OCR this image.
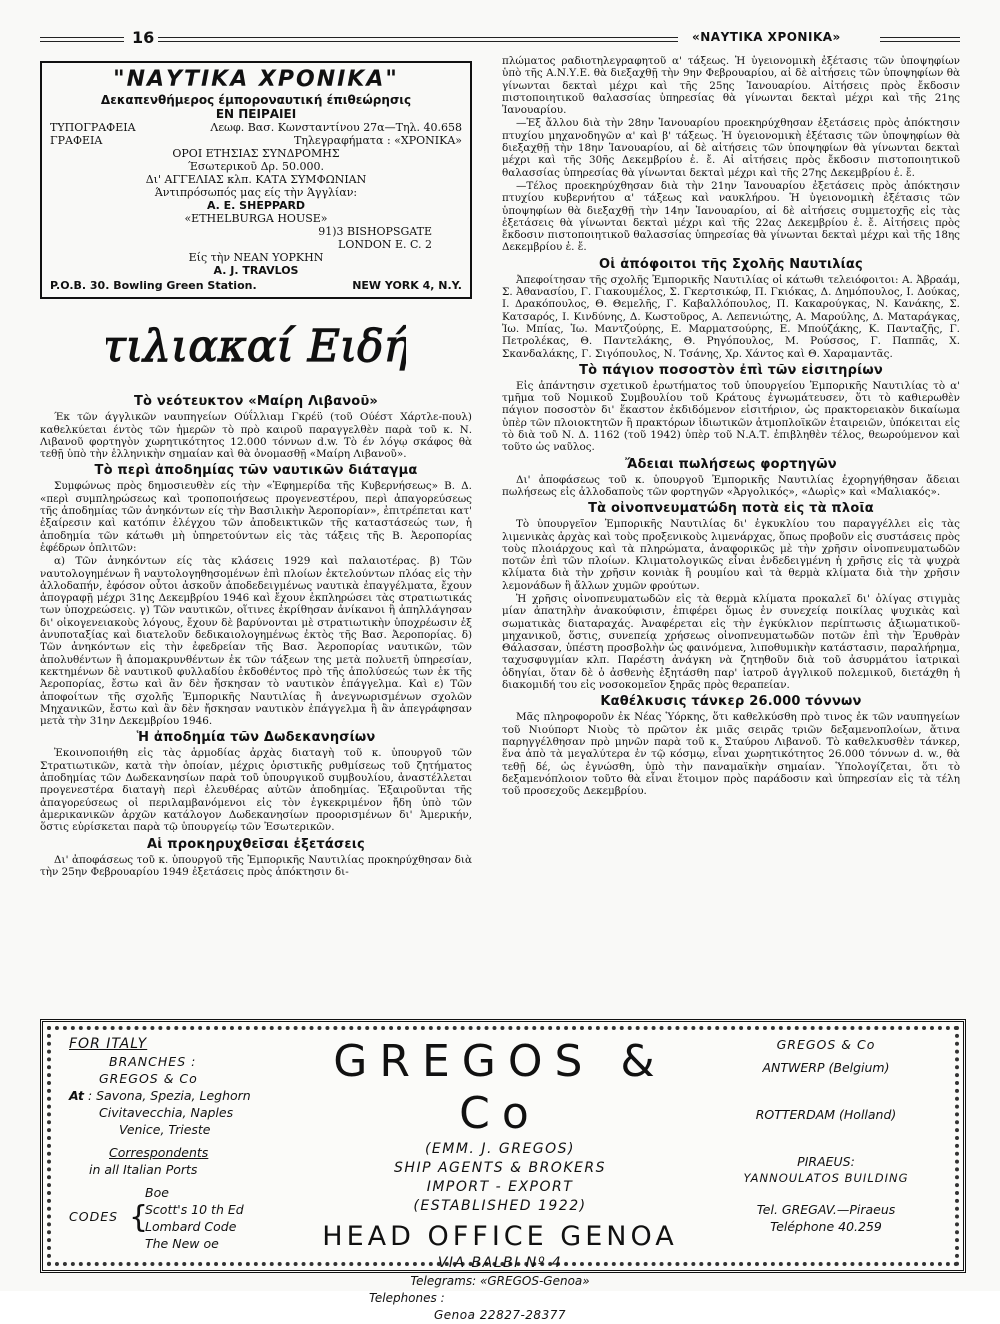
16	«ΝΑΥΤΙΚΑ ΧΡΟΝΙΚΑ»
"ΝΑΥΤΙΚΑ ΧΡΟΝΙΚΑ"
Δεκαπενθήμερος έμποροναυτική έπιθεώρησις
ΕΝ ΠΕΙΡΑΙΕΙ
ΤΥΠΟΓΡΑΦΕΙΑ	Λεωφ. Βασ. Κωνσταντίνου 27α—Τηλ. 40.658
ΓΡΑΦΕΙΑ	Τηλεγραφήματα : «ΧΡΟΝΙΚΑ»
ΟΡΟΙ ΕΤΗΣΙΑΣ ΣΥΝΔΡΟΜΗΣ
Έσωτερικοῦ Δρ. 50.000.
Δι' ΑΓΓΕΛΙΑΣ κλπ. ΚΑΤΑ ΣΥΜΦΩΝΙΑΝ
Άντιπρόσωπός μας είς τὴν Άγγλίαν:
A. E. SHEPPARD
«ETHELBURGA HOUSE»
91)3 BISHOPSGATE
LONDON E. C. 2
Είς τὴν ΝΕΑΝ ΥΟΡΚΗΝ
A. J. TRAVLOS
P.O.B. 30. Bowling Green Station.	NEW YORK 4, N.Y.
ιλιακαί Ειδή
ιλιακαί Ειδή
Τὸ νεότευκτον «Μαίρη Λιβανοῦ»

Έκ τῶν άγγλικῶν ναυπηγείων Ούΐλλιαμ Γκρέϋ (τοῦ Ούέστ Χάρτλε-πουλ) καθελκύεται έντὸς τῶν ἡμερῶν τὸ πρὸ καιροῦ παραγγελθὲν παρὰ τοῦ κ. Ν. Λιβανοῦ φορτηγὸν χωρητικότητος 12.000 τόννων d.w. Τὸ έν λόγῳ σκάφος θὰ τεθῇ ὑπὸ τὴν ἑλληνικὴν σημαίαν καὶ θὰ ὀνομασθῇ «Μαίρη Λιβανοῦ».

Τὸ περὶ ἀποδημίας τῶν ναυτικῶν διάταγμα

Συμφώνως πρὸς δημοσιευθὲν είς τὴν «Ἐφημερίδα τῆς Κυβερνήσεως» Β. Δ. «περὶ συμπληρώσεως καὶ τροποποιήσεως προγενεστέρου, περὶ ἀπαγορεύσεως τῆς ἀποδημίας τῶν ἀνηκόντων είς τὴν Βασιλικὴν Ἀεροπορίαν», ἐπιτρέπεται κατ' ἐξαίρεσιν καὶ κατόπιν ἐλέγχου τῶν ἀποδεικτικῶν τῆς καταστάσεώς των, ἡ ἀποδημία τῶν κάτωθι μὴ ὑπηρετούντων εἰς τὰς τάξεις τῆς Β. Ἀεροπορίας ἐφέδρων ὁπλιτῶν:

α) Τῶν ἀνηκόντων είς τὰς κλάσεις 1929 καὶ παλαιοτέρας. β) Τῶν ναυτολογημένων ἢ ναυτολογηθησομένων ἐπὶ πλοίων ἐκτελούντων πλόας εἰς τὴν ἀλλοδαπήν, ἐφόσον οὗτοι ἀσκοῦν ἀποδεδειγμένως ναυτικὰ ἐπαγγέλματα, ἔχουν ἀπογραφῇ μέχρι 31ης Δεκεμβρίου 1946 καὶ ἔχουν ἐκπληρώσει τὰς στρατιωτικάς των ὑποχρεώσεις. γ) Τῶν ναυτικῶν, οἵτινες ἐκρίθησαν ἀνίκανοι ἢ ἀπηλλάγησαν δι' οἰκογενειακοὺς λόγους, ἔχουν δὲ βαρύνονται μὲ στρατιωτικὴν ὑποχρέωσιν ἐξ ἀνυποταξίας καὶ διατελοῦν δεδικαιολογημένως ἐκτὸς τῆς Βασ. Ἀεροπορίας. δ) Τῶν ἀνηκόντων εἰς τὴν ἐφεδρείαν τῆς Βασ. Ἀεροπορίας ναυτικῶν, τῶν ἀπολυθέντων ἢ ἀπομακρυνθέντων ἐκ τῶν τάξεων της μετὰ πολυετῆ ὑπηρεσίαν, κεκτημένων δὲ ναυτικοῦ φυλλαδίου ἐκδοθέντος πρὸ τῆς ἀπολύσεώς των ἐκ τῆς Ἀεροπορίας, ἔστω καὶ ἂν δὲν ἤσκησαν τὸ ναυτικὸν ἐπάγγελμα. Καὶ ε) Τῶν ἀποφοίτων τῆς σχολῆς Ἐμπορικῆς Ναυτιλίας ἢ ἀνεγνωρισμένων σχολῶν Μηχανικῶν, ἔστω καὶ ἂν δὲν ἤσκησαν ναυτικὸν ἐπάγγελμα ἢ ἂν ἀπεγράφησαν μετὰ τὴν 31ην Δεκεμβρίου 1946.

Ἡ ἀποδημία τῶν Δωδεκανησίων

Ἐκοινοποιήθη εἰς τὰς ἁρμοδίας ἀρχὰς διαταγὴ τοῦ κ. ὑπουργοῦ τῶν Στρατιωτικῶν, κατὰ τὴν ὁποίαν, μέχρις ὁριστικῆς ρυθμίσεως τοῦ ζητήματος ἀποδημίας τῶν Δωδεκανησίων παρὰ τοῦ ὑπουργικοῦ συμβουλίου, ἀναστέλλεται προγενεστέρα διαταγὴ περὶ ἐλευθέρας αὐτῶν ἀποδημίας. Ἐξαιροῦνται τῆς ἀπαγορεύσεως οἱ περιλαμβανόμενοι εἰς τὸν ἐγκεκριμένον ἤδη ὑπὸ τῶν ἀμερικανικῶν ἀρχῶν κατάλογον Δωδεκανησίων προορισμένων δι' Ἀμερικήν, ὅστις εὑρίσκεται παρὰ τῷ ὑπουργείῳ τῶν Ἐσωτερικῶν.

Αἱ προκηρυχθεῖσαι ἐξετάσεις

Δι' ἀποφάσεως τοῦ κ. ὑπουργοῦ τῆς Ἐμπορικῆς Ναυτιλίας προκηρύχθησαν διὰ τὴν 25ην Φεβρουαρίου 1949 ἐξετάσεις πρὸς ἀπόκτησιν δι-

πλώματος ραδιοτηλεγραφητοῦ α' τάξεως. Ἡ ὑγειονομικὴ ἐξέτασις τῶν ὑποψηφίων ὑπὸ τῆς Α.Ν.Υ.Ε. θὰ διεξαχθῇ τὴν 9ην Φεβρουαρίου, αἱ δὲ αἰτήσεις τῶν ὑποψηφίων θὰ γίνωνται δεκταὶ μέχρι καὶ τῆς 25ης Ἰανουαρίου. Αἰτήσεις πρὸς ἔκδοσιν πιστοποιητικοῦ θαλασσίας ὑπηρεσίας θὰ γίνωνται δεκταὶ μέχρι καὶ τῆς 21ης Ἰανουαρίου.

—Ἐξ ἄλλου διὰ τὴν 28ην Ἰανουαρίου προεκηρύχθησαν ἐξετάσεις πρὸς ἀπόκτησιν πτυχίου μηχανοδηγῶν α' καὶ β' τάξεως. Ἡ ὑγειονομικὴ ἐξέτασις τῶν ὑποψηφίων θὰ διεξαχθῇ τὴν 18ην Ἰανουαρίου, αἱ δὲ αἰτήσεις τῶν ὑποψηφίων θὰ γίνωνται δεκταὶ μέχρι καὶ τῆς 30ῆς Δεκεμβρίου ἐ. ἔ. Αἱ αἰτήσεις πρὸς ἔκδοσιν πιστοποιητικοῦ θαλασσίας ὑπηρεσίας θὰ γίνωνται δεκταὶ μέχρι καὶ τῆς 27ης Δεκεμβρίου ἐ. ἔ.

—Τέλος προεκηρύχθησαν διὰ τὴν 21ην Ἰανουαρίου ἐξετάσεις πρὸς ἀπόκτησιν πτυχίου κυβερνήτου α' τάξεως καὶ ναυκλήρου. Ἡ ὑγειονομικὴ ἐξέτασις τῶν ὑποψηφίων θὰ διεξαχθῇ τὴν 14ην Ἰανουαρίου, αἱ δὲ αἰτήσεις συμμετοχῆς εἰς τὰς ἐξετάσεις θὰ γίνωνται δεκταὶ μέχρι καὶ τῆς 22ας Δεκεμβρίου ἐ. ἔ. Αἰτήσεις πρὸς ἔκδοσιν πιστοποιητικοῦ θαλασσίας ὑπηρεσίας θὰ γίνωνται δεκταὶ μέχρι καὶ τῆς 18ης Δεκεμβρίου ἐ. ἔ.

Οἱ ἀπόφοιτοι τῆς Σχολῆς Ναυτιλίας

Ἀπεφοίτησαν τῆς σχολῆς Ἐμπορικῆς Ναυτιλίας οἱ κάτωθι τελειόφοιτοι: Α. Ἀβραάμ, Σ. Ἀθανασίου, Γ. Γιακουμέλος, Σ. Γκερτσικώφ, Π. Γκιόκας, Δ. Δημόπουλος, Ι. Δούκας, Ι. Δρακόπουλος, Θ. Θεμελῆς, Γ. Καβαλλόπουλος, Π. Κακαρούγκας, Ν. Κανάκης, Σ. Κατσαρός, Ι. Κινδύνης, Δ. Κωστοῦρος, Α. Λεπενιώτης, Α. Μαρούλης, Δ. Ματαράγκας, Ἰω. Μπίας, Ἰω. Μαντζούρης, Ε. Μαρματσούρης, Ε. Μπούζάκης, Κ. Πανταζῆς, Γ. Πετρολέκας, Θ. Παντελάκης, Θ. Ρηγόπουλος, Μ. Ρούσσος, Γ. Παππᾶς, Χ. Σκανδαλάκης, Γ. Σιγόπουλος, Ν. Τσάνης, Χρ. Χάντος καὶ Θ. Χαραμαντᾶς.

Τὸ πάγιον ποσοστὸν ἐπὶ τῶν εἰσιτηρίων

Εἰς ἀπάντησιν σχετικοῦ ἐρωτήματος τοῦ ὑπουργείου Ἐμπορικῆς Ναυτιλίας τὸ α' τμῆμα τοῦ Νομικοῦ Συμβουλίου τοῦ Κράτους ἐγνωμάτευσεν, ὅτι τὸ καθιερωθὲν πάγιον ποσοστὸν δι' ἕκαστον ἐκδιδόμενον εἰσιτήριον, ὡς πρακτορειακὸν δικαίωμα ὑπὲρ τῶν πλοιοκτητῶν ἢ πρακτόρων ἰδιωτικῶν ἀτμοπλοϊκῶν ἑταιρειῶν, ὑπόκειται εἰς τὸ διὰ τοῦ Ν. Δ. 1162 (τοῦ 1942) ὑπὲρ τοῦ Ν.Α.Τ. ἐπιβληθὲν τέλος, θεωρούμενον καὶ τοῦτο ὡς ναῦλος.

Ἄδειαι πωλήσεως φορτηγῶν

Δι' ἀποφάσεως τοῦ κ. ὑπουργοῦ Ἐμπορικῆς Ναυτιλίας ἐχορηγήθησαν ἄδειαι πωλήσεως εἰς ἀλλοδαποὺς τῶν φορτηγῶν «Ἀργολικός», «Δωρὶς» καὶ «Μαλιακός».

Τὰ οἰνοπνευματώδη ποτὰ εἰς τὰ πλοῖα

Τὸ ὑπουργεῖον Ἐμπορικῆς Ναυτιλίας δι' ἐγκυκλίου του παραγγέλλει εἰς τὰς λιμενικὰς ἀρχὰς καὶ τοὺς προξενικοὺς λιμενάρχας, ὅπως προβοῦν εἰς συστάσεις πρὸς τοὺς πλοιάρχους καὶ τὰ πληρώματα, ἀναφορικῶς μὲ τὴν χρῆσιν οἰνοπνευματωδῶν ποτῶν ἐπὶ τῶν πλοίων. Κλιματολογικῶς εἶναι ἐνδεδειγμένη ἡ χρῆσις εἰς τὰ ψυχρὰ κλίματα διὰ τὴν χρῆσιν κονιὰκ ἢ ρουμίου καὶ τὰ θερμὰ κλίματα διὰ τὴν χρῆσιν λεμονάδων ἢ ἄλλων χυμῶν φρούτων.

Ἡ χρῆσις οἰνοπνευματωδῶν εἰς τὰ θερμὰ κλίματα προκαλεῖ δι' ὀλίγας στιγμὰς μίαν ἀπατηλὴν ἀνακούφισιν, ἐπιφέρει ὅμως ἐν συνεχείᾳ ποικίλας ψυχικὰς καὶ σωματικὰς διαταραχάς. Ἀναφέρεται εἰς τὴν ἐγκύκλιον περίπτωσις ἀξιωματικοῦ-μηχανικοῦ, ὅστις, συνεπείᾳ χρήσεως οἰνοπνευματωδῶν ποτῶν ἐπὶ τὴν Ἐρυθρὰν Θάλασσαν, ὑπέστη προσβολὴν ὡς φαινόμενα, λιποθυμικὴν κατάστασιν, παραλήρημα, ταχυσφυγμίαν κλπ. Παρέστη ἀνάγκη νὰ ζητηθοῦν διὰ τοῦ ἀσυρμάτου ἰατρικαὶ ὁδηγίαι, ὅταν δὲ ὁ ἀσθενὴς ἐξητάσθη παρ' ἰατροῦ ἀγγλικοῦ πολεμικοῦ, διετάχθη ἡ διακομιδή του εἰς νοσοκομεῖον ξηρᾶς πρὸς θεραπείαν.

Καθέλκυσις τάνκερ 26.000 τόννων

Μᾶς πληροφοροῦν ἐκ Νέας Ὑόρκης, ὅτι καθελκύσθη πρὸ τινος ἐκ τῶν ναυπηγείων τοῦ Νιούπορτ Νιοὺς τὸ πρῶτον ἐκ μιᾶς σειρᾶς τριῶν δεξαμενοπλοίων, ἅτινα παρηγγέλθησαν πρὸ μηνῶν παρὰ τοῦ κ. Σταύρου Λιβανοῦ. Τὸ καθελκυσθὲν τάνκερ, ἕνα ἀπὸ τὰ μεγαλύτερα ἐν τῷ κόσμῳ, εἶναι χωρητικότητος 26.000 τόννων d. w., θὰ τεθῇ δέ, ὡς ἐγνώσθη, ὑπὸ τὴν παναμαϊκὴν σημαίαν. Ὑπολογίζεται, ὅτι τὸ δεξαμενόπλοιον τοῦτο θὰ εἶναι ἕτοιμον πρὸς παράδοσιν καὶ ὑπηρεσίαν εἰς τὰ τέλη τοῦ προσεχοῦς Δεκεμβρίου.

FOR ITALY
BRANCHES :
GREGOS & Co
At : Savona, Spezia, Leghorn
Civitavecchia, Naples
Venice, Trieste
Correspondents
in all Italian Ports
CODES {
Boe
Scott's 10 th Ed
Lombard Code
The New oe
GREGOS & Co
(EMM. J. GREGOS)
SHIP AGENTS & BROKERS
IMPORT - EXPORT
(ESTABLISHED 1922)
HEAD OFFICE GENOA
VIA BALBI Nº 4
Telegrams: «GREGOS-Genoa»
Telephones :
Genoa 22827-28377
GREGOS & Co
ANTWERP (Belgium)
ROTTERDAM (Holland)
PIRAEUS:
YANNOULATOS BUILDING
Tel. GREGAV.—Piraeus
Teléphone 40.259
